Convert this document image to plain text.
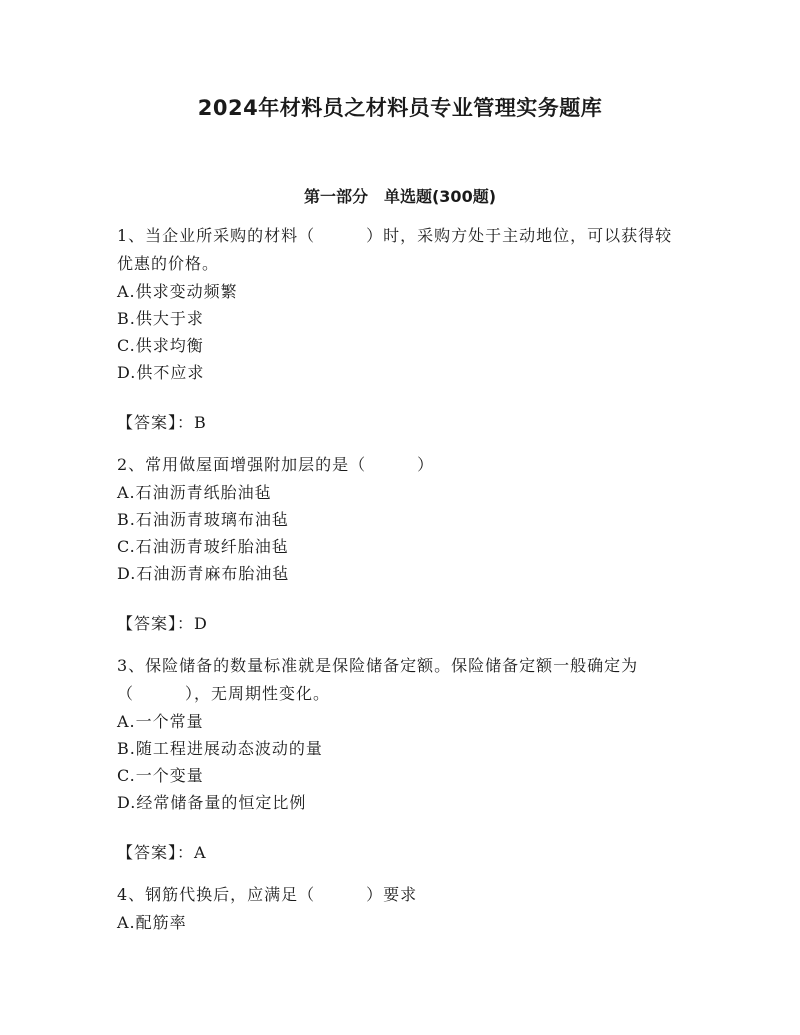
2024年材料员之材料员专业管理实务题库
第一部分　单选题(300题)

1、当企业所采购的材料（　　　）时，采购方处于主动地位，可以获得较优惠的价格。

A.供求变动频繁
B.供大于求
C.供求均衡
D.供不应求

【答案】：B

2、常用做屋面增强附加层的是（　　　）

A.石油沥青纸胎油毡
B.石油沥青玻璃布油毡
C.石油沥青玻纤胎油毡
D.石油沥青麻布胎油毡

【答案】：D

3、保险储备的数量标准就是保险储备定额。保险储备定额一般确定为（　　　），无周期性变化。

A.一个常量
B.随工程进展动态波动的量
C.一个变量
D.经常储备量的恒定比例

【答案】：A

4、钢筋代换后，应满足（　　　）要求

A.配筋率
